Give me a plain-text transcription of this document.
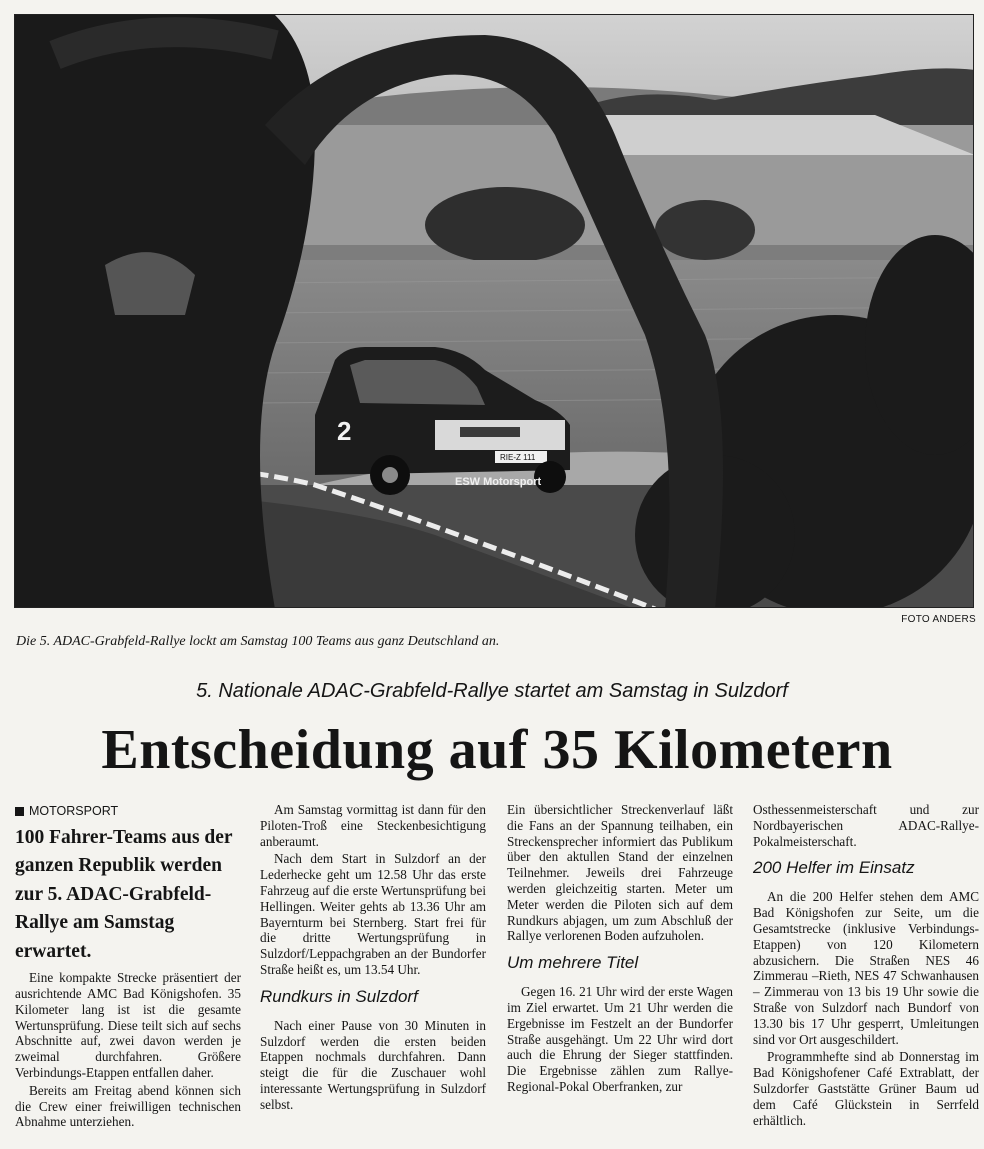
2
RIE-Z 111
ESW Motorsport
FOTO ANDERS
Die 5. ADAC-Grabfeld-Rallye lockt am Samstag 100 Teams aus ganz Deutschland an.
5. Nationale ADAC-Grabfeld-Rallye startet am Samstag in Sulzdorf
Entscheidung auf 35 Kilometern
MOTORSPORT
100 Fahrer-Teams aus der ganzen Republik werden zur 5. ADAC-Grabfeld-Rallye am Samstag erwartet.

Eine kompakte Strecke präsentiert der ausrichtende AMC Bad Königshofen. 35 Kilometer lang ist ist die gesamte Wertunsprüfung. Diese teilt sich auf sechs Abschnitte auf, zwei davon werden je zweimal durchfahren. Größere Verbindungs-Etappen entfallen daher.

Bereits am Freitag abend können sich die Crew einer freiwilligen technischen Abnahme unterziehen.

Am Samstag vormittag ist dann für den Piloten-Troß eine Steckenbesichtigung anberaumt.

Nach dem Start in Sulzdorf an der Lederhecke geht um 12.58 Uhr das erste Fahrzeug auf die erste Wertunsprüfung bei Hellingen. Weiter gehts ab 13.36 Uhr am Bayernturm bei Sternberg. Start frei für die dritte Wertungsprüfung in Sulzdorf/Leppachgraben an der Bundorfer Straße heißt es, um 13.54 Uhr.

Rundkurs in Sulzdorf

Nach einer Pause von 30 Minuten in Sulzdorf werden die ersten beiden Etappen nochmals durchfahren. Dann steigt die für die Zuschauer wohl interessante Wertungsprüfung in Sulzdorf selbst.

Ein übersichtlicher Streckenverlauf läßt die Fans an der Spannung teilhaben, ein Streckensprecher informiert das Publikum über den aktullen Stand der einzelnen Teilnehmer. Jeweils drei Fahrzeuge werden gleichzeitig starten. Meter um Meter werden die Piloten sich auf dem Rundkurs abjagen, um zum Abschluß der Rallye verlorenen Boden aufzuholen.

Um mehrere Titel

Gegen 16. 21 Uhr wird der erste Wagen im Ziel erwartet. Um 21 Uhr werden die Ergebnisse im Festzelt an der Bundorfer Straße ausgehängt. Um 22 Uhr wird dort auch die Ehrung der Sieger stattfinden. Die Ergebnisse zählen zum Rallye-Regional-Pokal Oberfranken, zur

Osthessenmeisterschaft und zur Nordbayerischen ADAC-Rallye-Pokalmeisterschaft.

200 Helfer im Einsatz

An die 200 Helfer stehen dem AMC Bad Königshofen zur Seite, um die Gesamtstrecke (inklusive Verbindungs-Etappen) von 120 Kilometern abzusichern. Die Straßen NES 46 Zimmerau –Rieth, NES 47 Schwanhausen – Zimmerau von 13 bis 19 Uhr sowie die Straße von Sulzdorf nach Bundorf von 13.30 bis 17 Uhr gesperrt, Umleitungen sind vor Ort ausgeschildert.

Programmhefte sind ab Donnerstag im Bad Königshofener Café Extrablatt, der Sulzdorfer Gaststätte Grüner Baum ud dem Café Glückstein in Serrfeld erhältlich.
